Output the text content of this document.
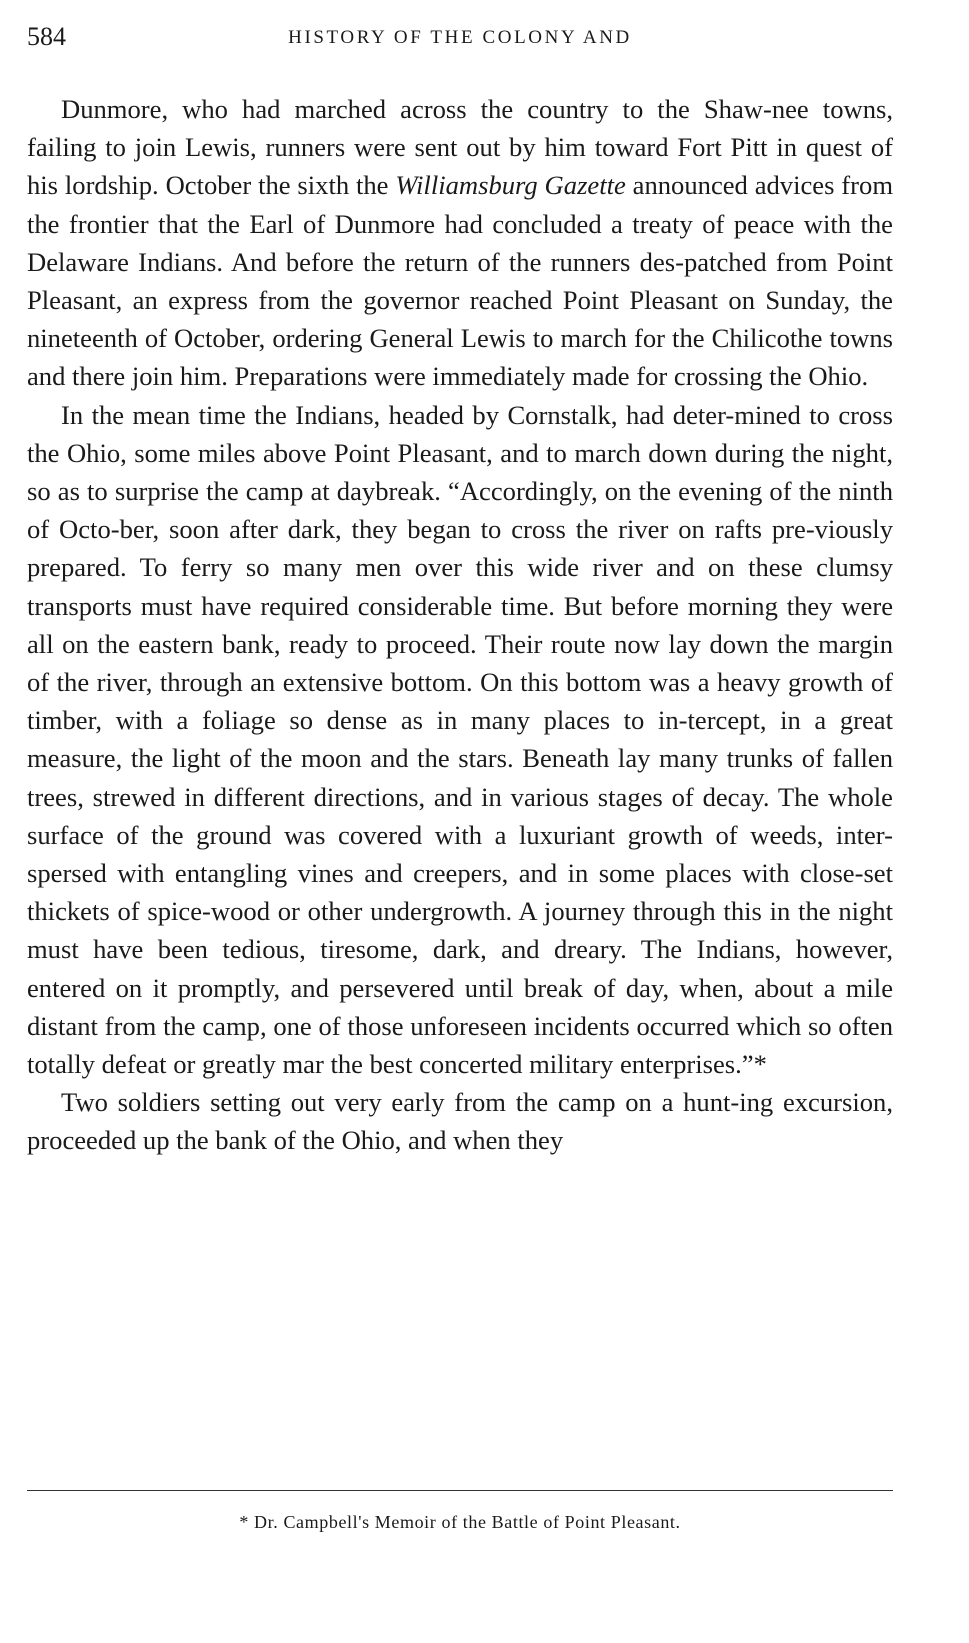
584	HISTORY OF THE COLONY AND

Dunmore, who had marched across the country to the Shaw-nee towns, failing to join Lewis, runners were sent out by him toward Fort Pitt in quest of his lordship. October the sixth the Williamsburg Gazette announced advices from the frontier that the Earl of Dunmore had concluded a treaty of peace with the Delaware Indians. And before the return of the runners des-patched from Point Pleasant, an express from the governor reached Point Pleasant on Sunday, the nineteenth of October, ordering General Lewis to march for the Chilicothe towns and there join him. Preparations were immediately made for crossing the Ohio.

In the mean time the Indians, headed by Cornstalk, had deter-mined to cross the Ohio, some miles above Point Pleasant, and to march down during the night, so as to surprise the camp at daybreak. “Accordingly, on the evening of the ninth of Octo-ber, soon after dark, they began to cross the river on rafts pre-viously prepared. To ferry so many men over this wide river and on these clumsy transports must have required considerable time. But before morning they were all on the eastern bank, ready to proceed. Their route now lay down the margin of the river, through an extensive bottom. On this bottom was a heavy growth of timber, with a foliage so dense as in many places to in-tercept, in a great measure, the light of the moon and the stars. Beneath lay many trunks of fallen trees, strewed in different directions, and in various stages of decay. The whole surface of the ground was covered with a luxuriant growth of weeds, inter-spersed with entangling vines and creepers, and in some places with close-set thickets of spice-wood or other undergrowth. A journey through this in the night must have been tedious, tiresome, dark, and dreary. The Indians, however, entered on it promptly, and persevered until break of day, when, about a mile distant from the camp, one of those unforeseen incidents occurred which so often totally defeat or greatly mar the best concerted military enterprises.”*

Two soldiers setting out very early from the camp on a hunt-ing excursion, proceeded up the bank of the Ohio, and when they

* Dr. Campbell's Memoir of the Battle of Point Pleasant.
